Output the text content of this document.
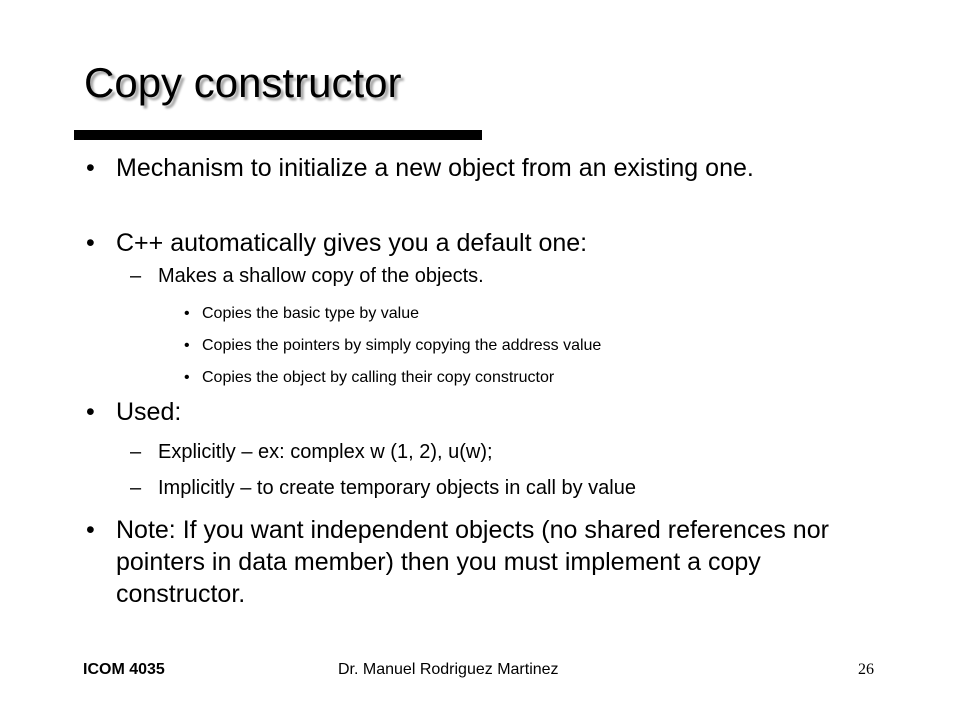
Copy constructor
• Mechanism to initialize a new object from an existing one.

• C++ automatically gives you a default one:

– Makes a shallow copy of the objects.

• Copies the basic type by value

• Copies the pointers by simply copying the address value

• Copies the object by calling their copy constructor

• Used:

– Explicitly – ex: complex w (1, 2), u(w);

– Implicitly – to create temporary objects in call by value

• Note: If you want independent objects (no shared references nor pointers in data member) then you must implement a copy constructor.

ICOM 4035	Dr. Manuel Rodriguez Martinez	26
